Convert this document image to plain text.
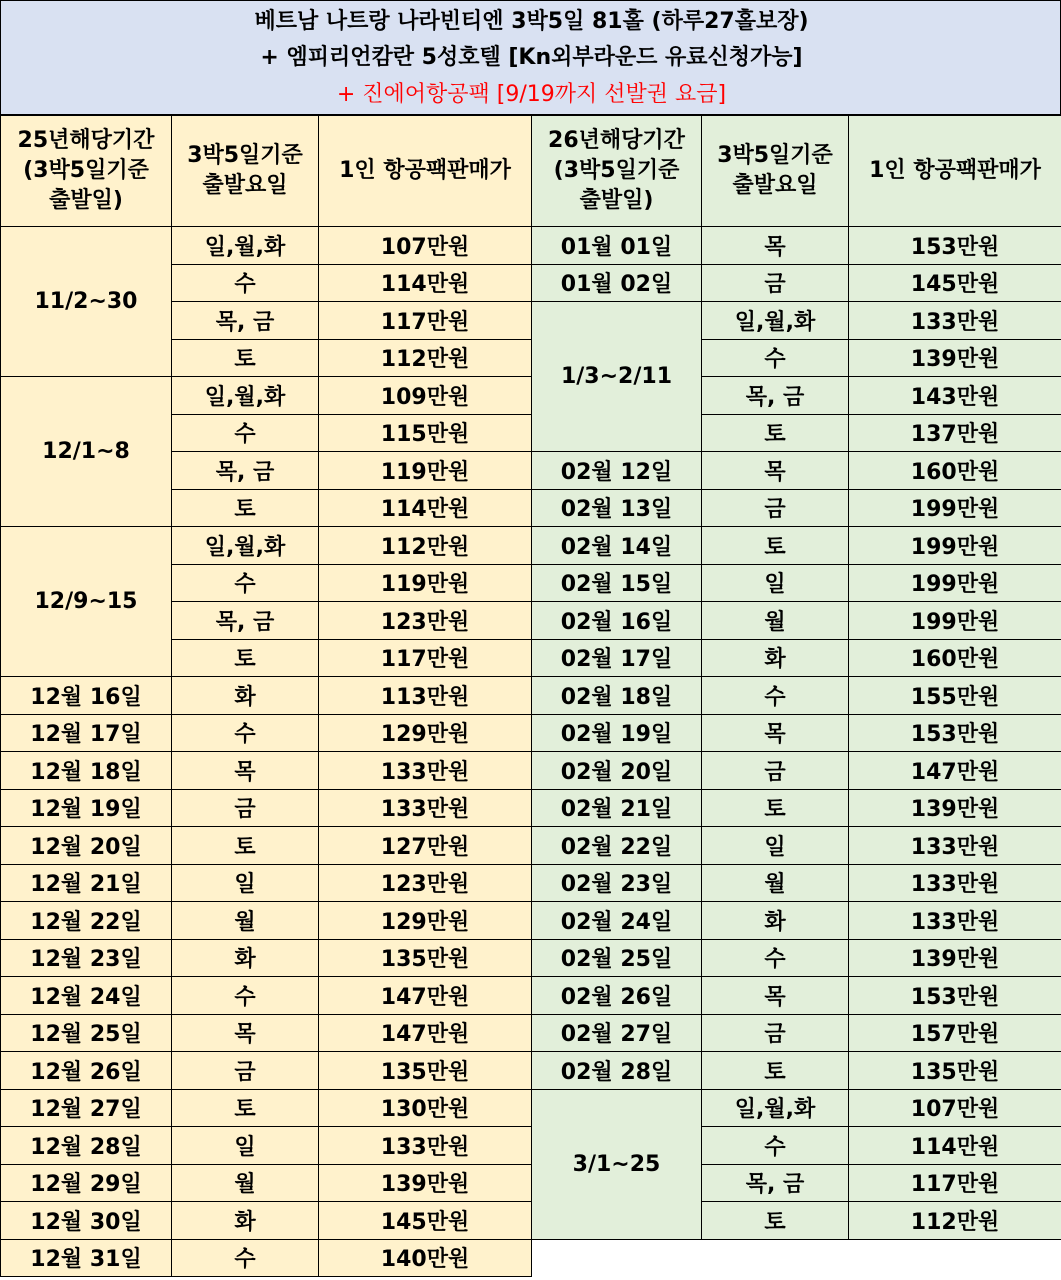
베트남 나트랑 나라빈티엔 3박5일 81홀 (하루27홀보장)
+ 엠피리언캄란 5성호텔 [Kn외부라운드 유료신청가능]
+ 진에어항공팩 [9/19까지 선발권 요금]
25년해당기간
(3박5일기준
출발일)	3박5일기준
출발요일	1인 항공팩판매가	26년해당기간
(3박5일기준
출발일)	3박5일기준
출발요일	1인 항공팩판매가
11/2~30	일,월,화	107만원	01월 01일	목	153만원
	수	114만원	01월 02일	금	145만원
	목, 금	117만원	1/3~2/11	일,월,화	133만원
	토	112만원		수	139만원
12/1~8	일,월,화	109만원		목, 금	143만원
	수	115만원		토	137만원
	목, 금	119만원	02월 12일	목	160만원
	토	114만원	02월 13일	금	199만원
12/9~15	일,월,화	112만원	02월 14일	토	199만원
	수	119만원	02월 15일	일	199만원
	목, 금	123만원	02월 16일	월	199만원
	토	117만원	02월 17일	화	160만원
12월 16일	화	113만원	02월 18일	수	155만원
12월 17일	수	129만원	02월 19일	목	153만원
12월 18일	목	133만원	02월 20일	금	147만원
12월 19일	금	133만원	02월 21일	토	139만원
12월 20일	토	127만원	02월 22일	일	133만원
12월 21일	일	123만원	02월 23일	월	133만원
12월 22일	월	129만원	02월 24일	화	133만원
12월 23일	화	135만원	02월 25일	수	139만원
12월 24일	수	147만원	02월 26일	목	153만원
12월 25일	목	147만원	02월 27일	금	157만원
12월 26일	금	135만원	02월 28일	토	135만원
12월 27일	토	130만원	3/1~25	일,월,화	107만원
12월 28일	일	133만원		수	114만원
12월 29일	월	139만원		목, 금	117만원
12월 30일	화	145만원		토	112만원
12월 31일	수	140만원			
